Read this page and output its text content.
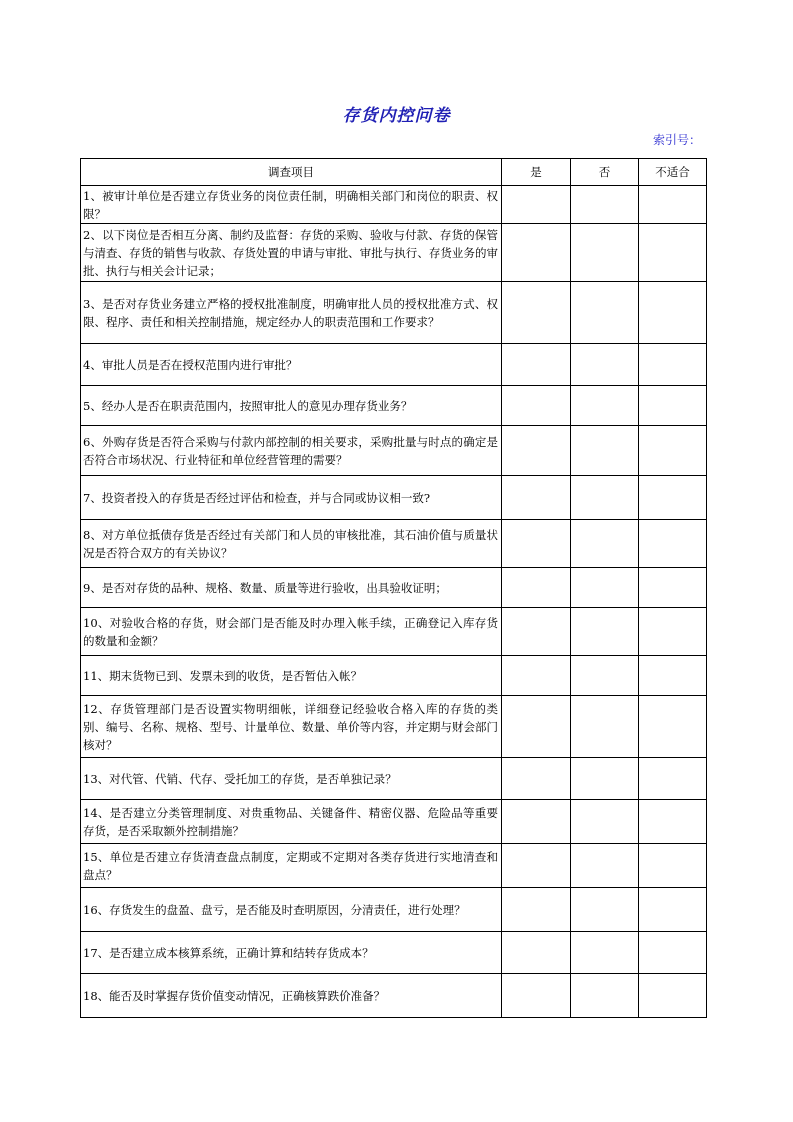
存货内控问卷
索引号：
调查项目	是	否	不适合

1、被审计单位是否建立存货业务的岗位责任制，明确相关部门和岗位的职责、权限？			

2、以下岗位是否相互分离、制约及监督：存货的采购、验收与付款、存货的保管与清查、存货的销售与收款、存货处置的申请与审批、审批与执行、存货业务的审批、执行与相关会计记录；			

3、是否对存货业务建立严格的授权批准制度，明确审批人员的授权批准方式、权限、程序、责任和相关控制措施，规定经办人的职责范围和工作要求？			

4、审批人员是否在授权范围内进行审批？			

5、经办人是否在职责范围内，按照审批人的意见办理存货业务？			

6、外购存货是否符合采购与付款内部控制的相关要求，采购批量与时点的确定是否符合市场状况、行业特征和单位经营管理的需要？			

7、投资者投入的存货是否经过评估和检查，并与合同或协议相一致?			

8、对方单位抵债存货是否经过有关部门和人员的审核批准，其石油价值与质量状况是否符合双方的有关协议？			

9、是否对存货的品种、规格、数量、质量等进行验收，出具验收证明；			

10、对验收合格的存货，财会部门是否能及时办理入帐手续，正确登记入库存货的数量和金额？			

11、期末货物已到、发票未到的收货，是否暂估入帐？			

12、存货管理部门是否设置实物明细帐，详细登记经验收合格入库的存货的类别、编号、名称、规格、型号、计量单位、数量、单价等内容，并定期与财会部门核对？			

13、对代管、代销、代存、受托加工的存货，是否单独记录？			

14、是否建立分类管理制度、对贵重物品、关键备件、精密仪器、危险品等重要存货，是否采取额外控制措施？			

15、单位是否建立存货清查盘点制度，定期或不定期对各类存货进行实地清查和盘点？			

16、存货发生的盘盈、盘亏，是否能及时查明原因，分清责任，进行处理？			

17、是否建立成本核算系统，正确计算和结转存货成本？			

18、能否及时掌握存货价值变动情况，正确核算跌价准备？			
